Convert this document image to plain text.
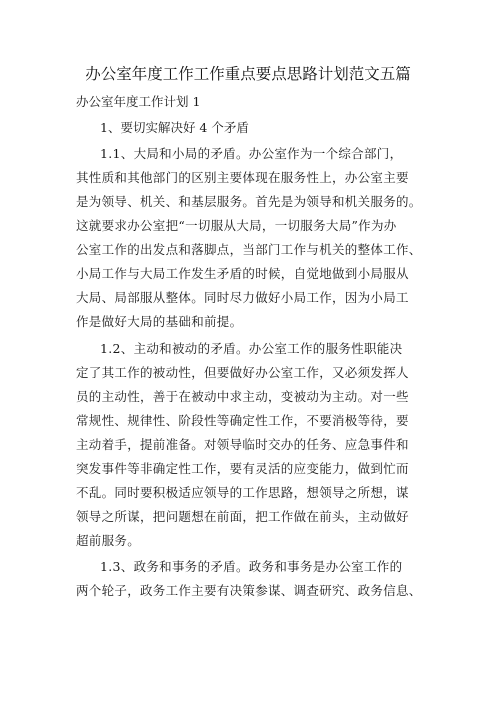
办公室年度工作工作重点要点思路计划范文五篇
办公室年度工作计划 1
1、要切实解决好 4 个矛盾
1.1、大局和小局的矛盾。办公室作为一个综合部门，
其性质和其他部门的区别主要体现在服务性上，办公室主要
是为领导、机关、和基层服务。首先是为领导和机关服务的。
这就要求办公室把“一切服从大局，一切服务大局”作为办
公室工作的出发点和落脚点，当部门工作与机关的整体工作、
小局工作与大局工作发生矛盾的时候，自觉地做到小局服从
大局、局部服从整体。同时尽力做好小局工作，因为小局工
作是做好大局的基础和前提。
1.2、主动和被动的矛盾。办公室工作的服务性职能决
定了其工作的被动性，但要做好办公室工作，又必须发挥人
员的主动性，善于在被动中求主动，变被动为主动。对一些
常规性、规律性、阶段性等确定性工作，不要消极等待，要
主动着手，提前准备。对领导临时交办的任务、应急事件和
突发事件等非确定性工作，要有灵活的应变能力，做到忙而
不乱。同时要积极适应领导的工作思路，想领导之所想，谋
领导之所谋，把问题想在前面，把工作做在前头，主动做好
超前服务。
1.3、政务和事务的矛盾。政务和事务是办公室工作的
两个轮子，政务工作主要有决策参谋、调查研究、政务信息、
